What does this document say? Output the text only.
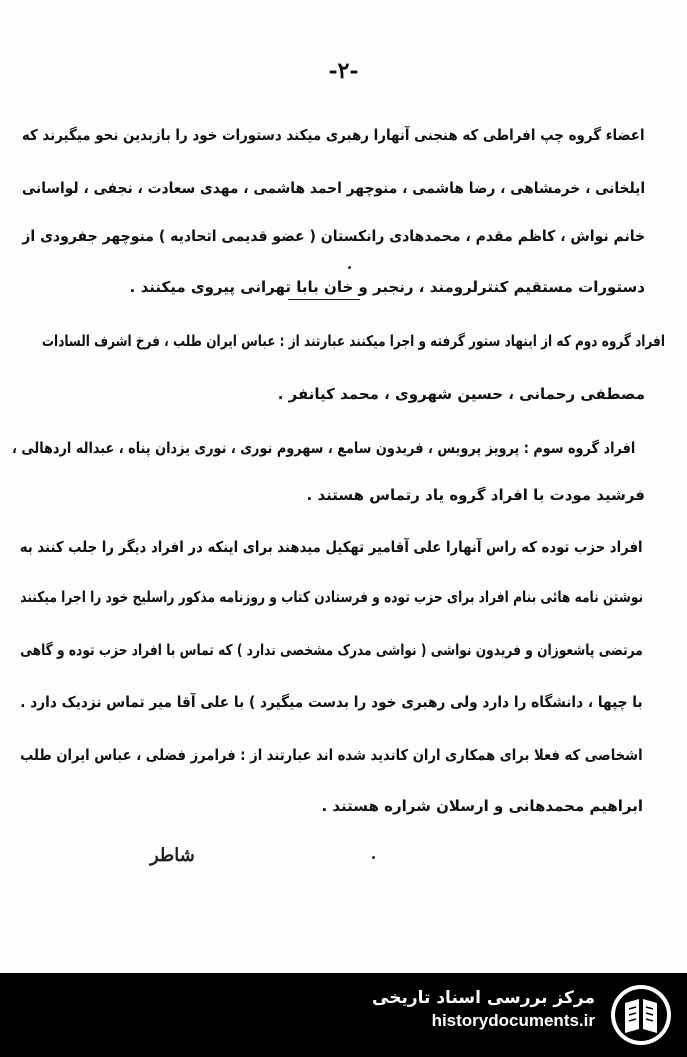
-۲-
اعضاء گروه چپ افراطی که هنجنی آنهارا رهبری میکند دستورات خود را بازبدین نحو میگیرند که
ایلخانی ، خرمشاهی ، رضا هاشمی ، منوچهر احمد هاشمی ، مهدی سعادت ، نجفی ، لواسانی
خانم نواش ، کاظم مقدم ، محمدهادی رانکستان ( عضو قدیمی اتحادیه ) منوچهر جفرودی از
دستورات مستقیم کنترلرومند ، رنجبر و خان بابا تهرانی پیروی میکنند .
افراد گروه دوم که از اینهاد ستور گرفته و اجرا میکنند عبارتند از : عباس ایران طلب ، فرخ اشرف السادات
مصطفی رحمانی ، حسین شهروی ، محمد کیانفر .
افراد گروه سوم : پرویز پرویس ، فریدون سامع ، سهروم نوری ، نوری یزدان پناه ، عبداله اردهالی ،
فرشید مودت با افراد گروه یاد رتماس هستند .
افراد حزب توده که راس آنهارا علی آقامیر تهکیل میدهند برای اینکه در افراد دیگر را جلب کنند به
نوشتن نامه هائی بنام افراد برای حزب توده و فرستادن کتاب و روزنامه مذکور راسلیح خود را اجرا میکنند
مرتضی پاشعوزان و فریدون نواشی ( نواشی مدرک مشخصی ندارد ) که تماس با افراد حزب توده و گاهی
با چپها ، دانشگاه را دارد ولی رهبری خود را بدست میگیرد ) با علی آقا میر تماس نزدیک دارد .
اشخاصی که فعلا برای همکاری اران کاندید شده اند عبارتند از : فرامرز فضلی ، عباس ایران طلب
ابراهیم محمدهانی و ارسلان شراره هستند .
شاطر
مرکز بررسی اسناد تاریخی
historydocuments.ir
